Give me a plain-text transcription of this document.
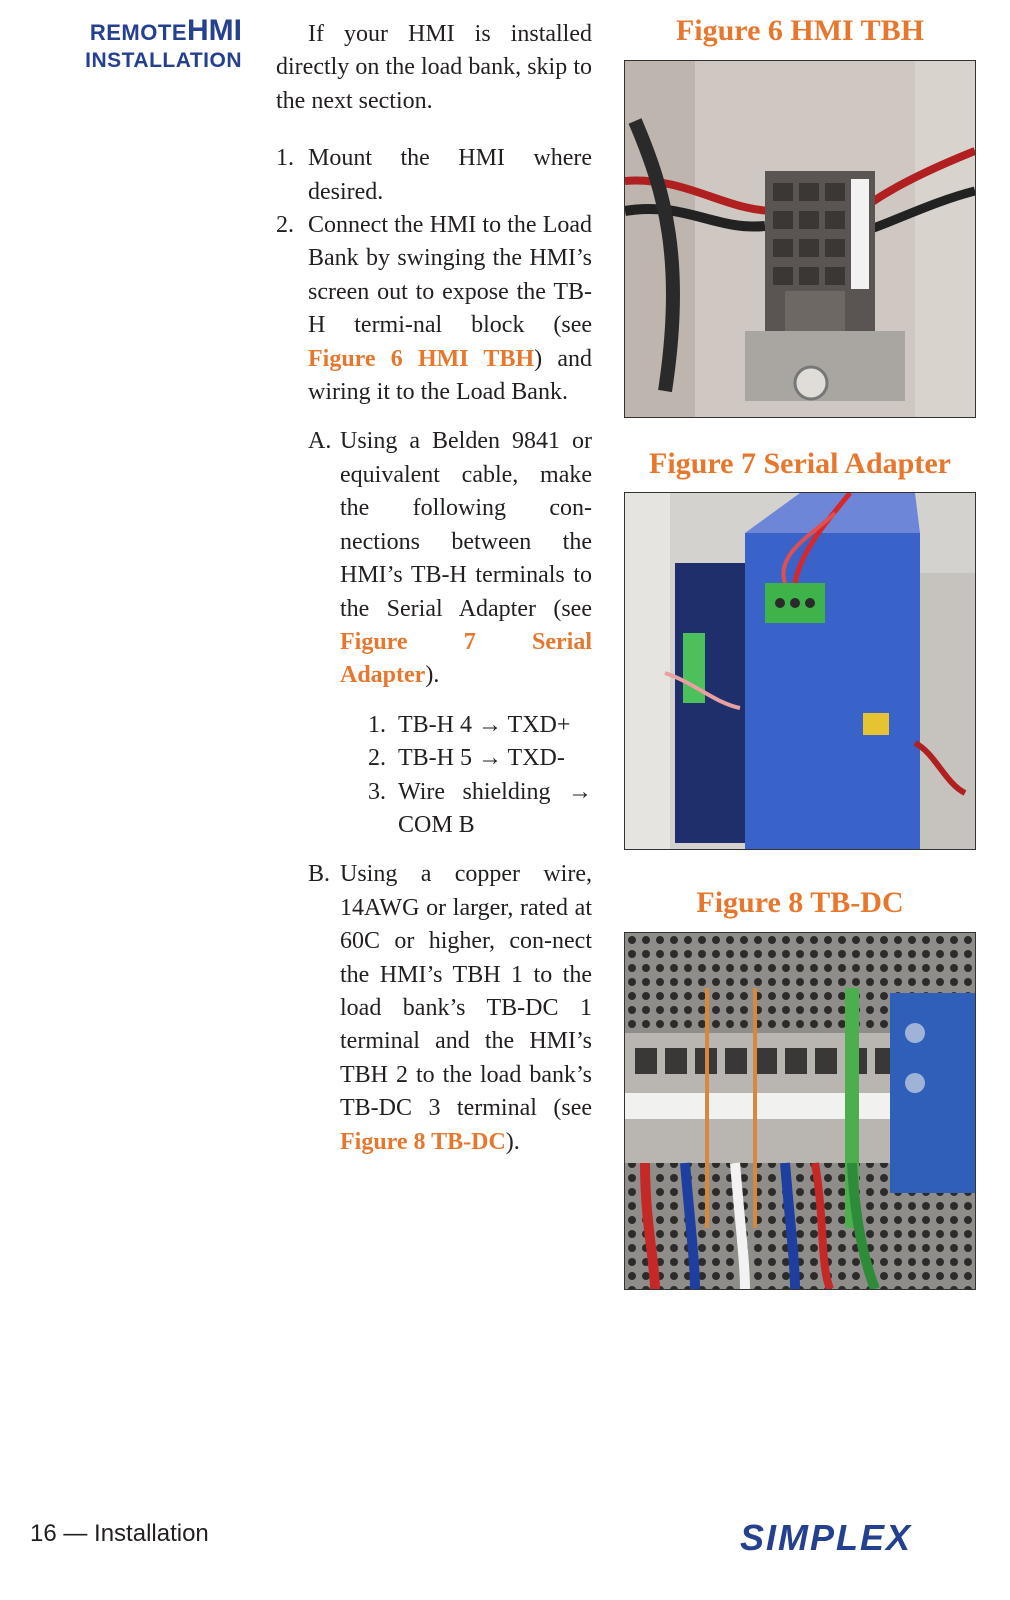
REMOTEHMI
INSTALLATION

If your HMI is installed directly on the load bank, skip to the next section.

1. Mount the HMI where desired.
2. Connect the HMI to the Load Bank by swinging the HMI’s screen out to expose the TB-H termi-nal block (see Figure 6 HMI TBH) and wiring it to the Load Bank.
A. Using a Belden 9841 or equivalent cable, make the following con-nections between the HMI’s TB-H terminals to the Serial Adapter (see Figure 7 Serial Adapter).
1. TB-H 4 → TXD+
2. TB-H 5 → TXD-
3. Wire shielding → COM B
B. Using a copper wire, 14AWG or larger, rated at 60C or higher, con-nect the HMI’s TBH 1 to the load bank’s TB-DC 1 terminal and the HMI’s TBH 2 to the load bank’s TB-DC 3 terminal (see Figure 8 TB-DC).
Figure 6 HMI TBH
Figure 7 Serial Adapter
Figure 8 TB-DC
16 — Installation	SIMPLEX
